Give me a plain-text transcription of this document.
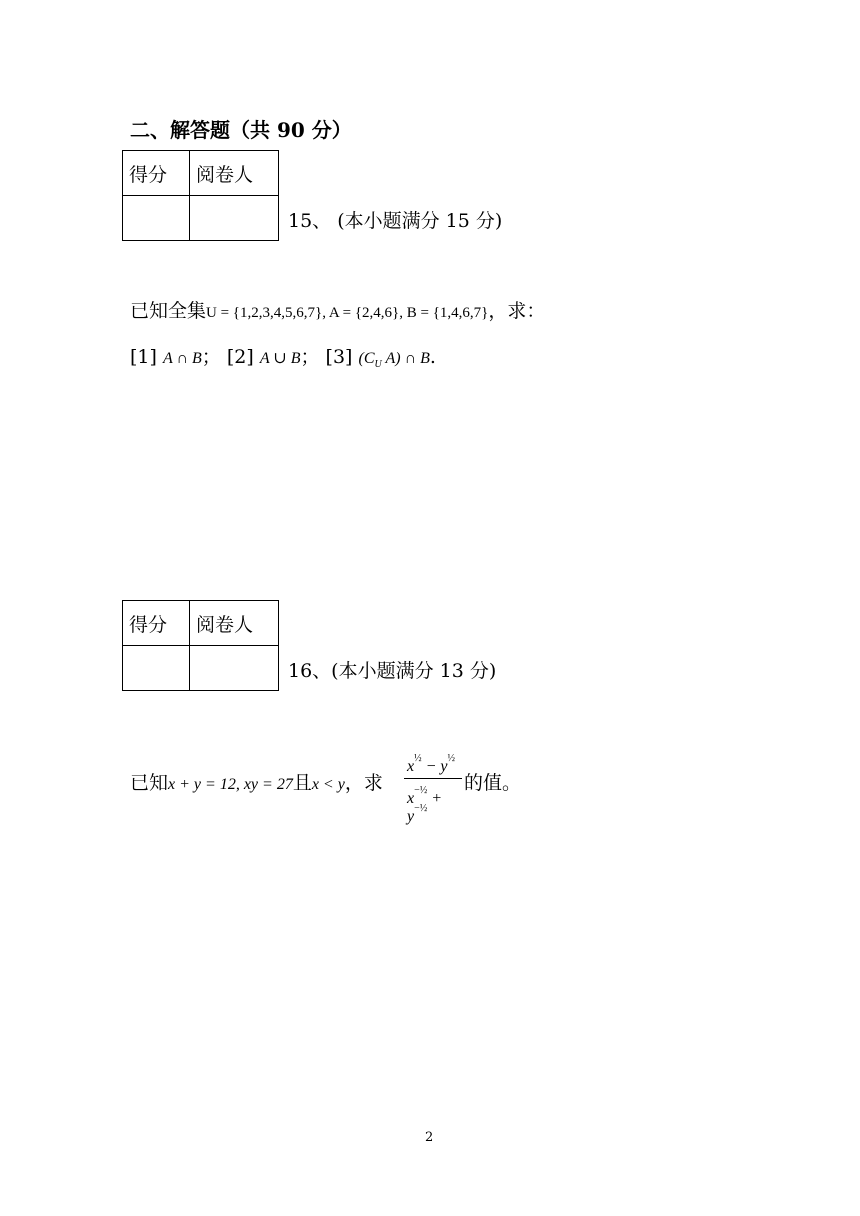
二、解答题（共 90 分）
得分	阅卷人

15、 (本小题满分 15 分)
已知全集U = {1,2,3,4,5,6,7}, A = {2,4,6}, B = {1,4,6,7}，求：
[1] A ∩ B； [2] A ∪ B； [3] ($C_U$ A) ∩ B.
得分	阅卷人

16、(本小题满分 13 分)
已知x + y = 12, xy = 27且x < y，求
$x^{\frac{1}{2}} - y^{\frac{1}{2}}$
$x^{-\frac{1}{2}} + y^{-\frac{1}{2}}$
的值。
2
